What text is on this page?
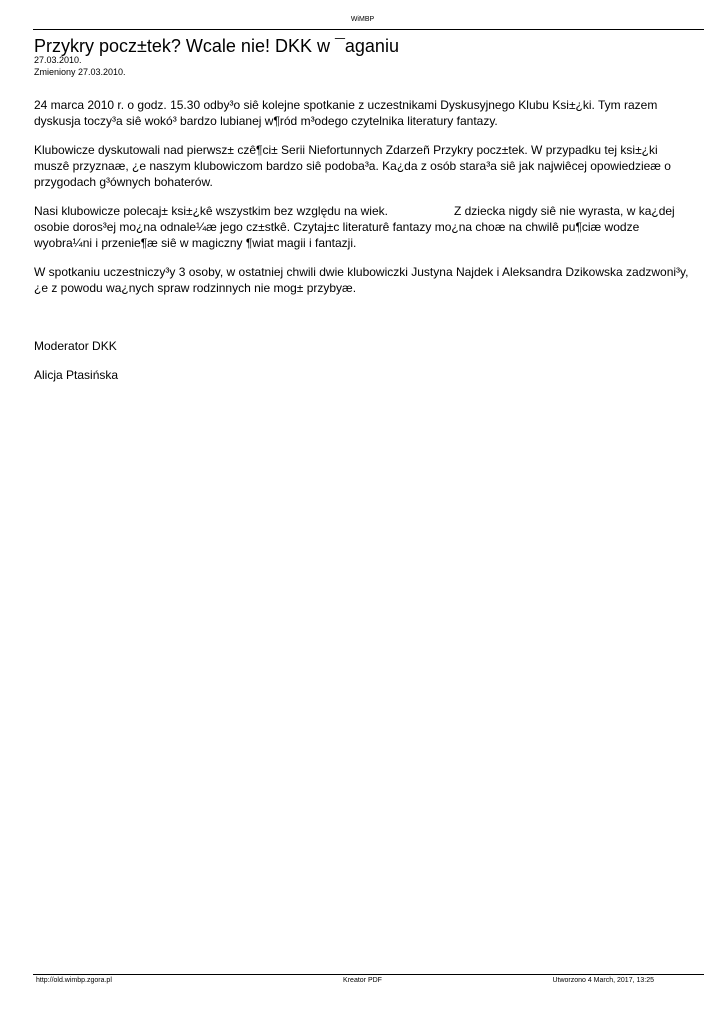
WiMBP
Przykry pocz±tek? Wcale nie! DKK w ¯aganiu
27.03.2010.
Zmieniony 27.03.2010.

24 marca 2010 r. o godz. 15.30 odby³o siê kolejne spotkanie z uczestnikami Dyskusyjnego Klubu Ksi±¿ki. Tym razem dyskusja toczy³a siê wokó³ bardzo lubianej w¶ród m³odego czytelnika literatury fantazy.

Klubowicze dyskutowali nad pierwsz± czê¶ci± Serii Niefortunnych Zdarzeñ Przykry pocz±tek. W przypadku tej ksi±¿ki muszê przyznaæ, ¿e naszym klubowiczom bardzo siê podoba³a. Ka¿da z osób stara³a siê jak najwiêcej opowiedzieæ o przygodach g³ównych bohaterów.

Nasi klubowicze polecaj± ksi±¿kê wszystkim bez względu na wiek.	Z dziecka nigdy siê nie wyrasta, w ka¿dej osobie doros³ej mo¿na odnale¼æ jego cz±stkê. Czytaj±c literaturê fantazy mo¿na choæ na chwilê pu¶ciæ wodze wyobra¼ni i przenie¶æ siê w magiczny ¶wiat magii i fantazji.

W spotkaniu uczestniczy³y 3 osoby, w ostatniej chwili dwie klubowiczki Justyna Najdek i Aleksandra Dzikowska zadzwoni³y, ¿e z powodu wa¿nych spraw rodzinnych nie mog± przybyæ.

Moderator DKK
Alicja Ptasińska
http://old.wimbp.zgora.pl	Kreator PDF	Utworzono 4 March, 2017, 13:25
